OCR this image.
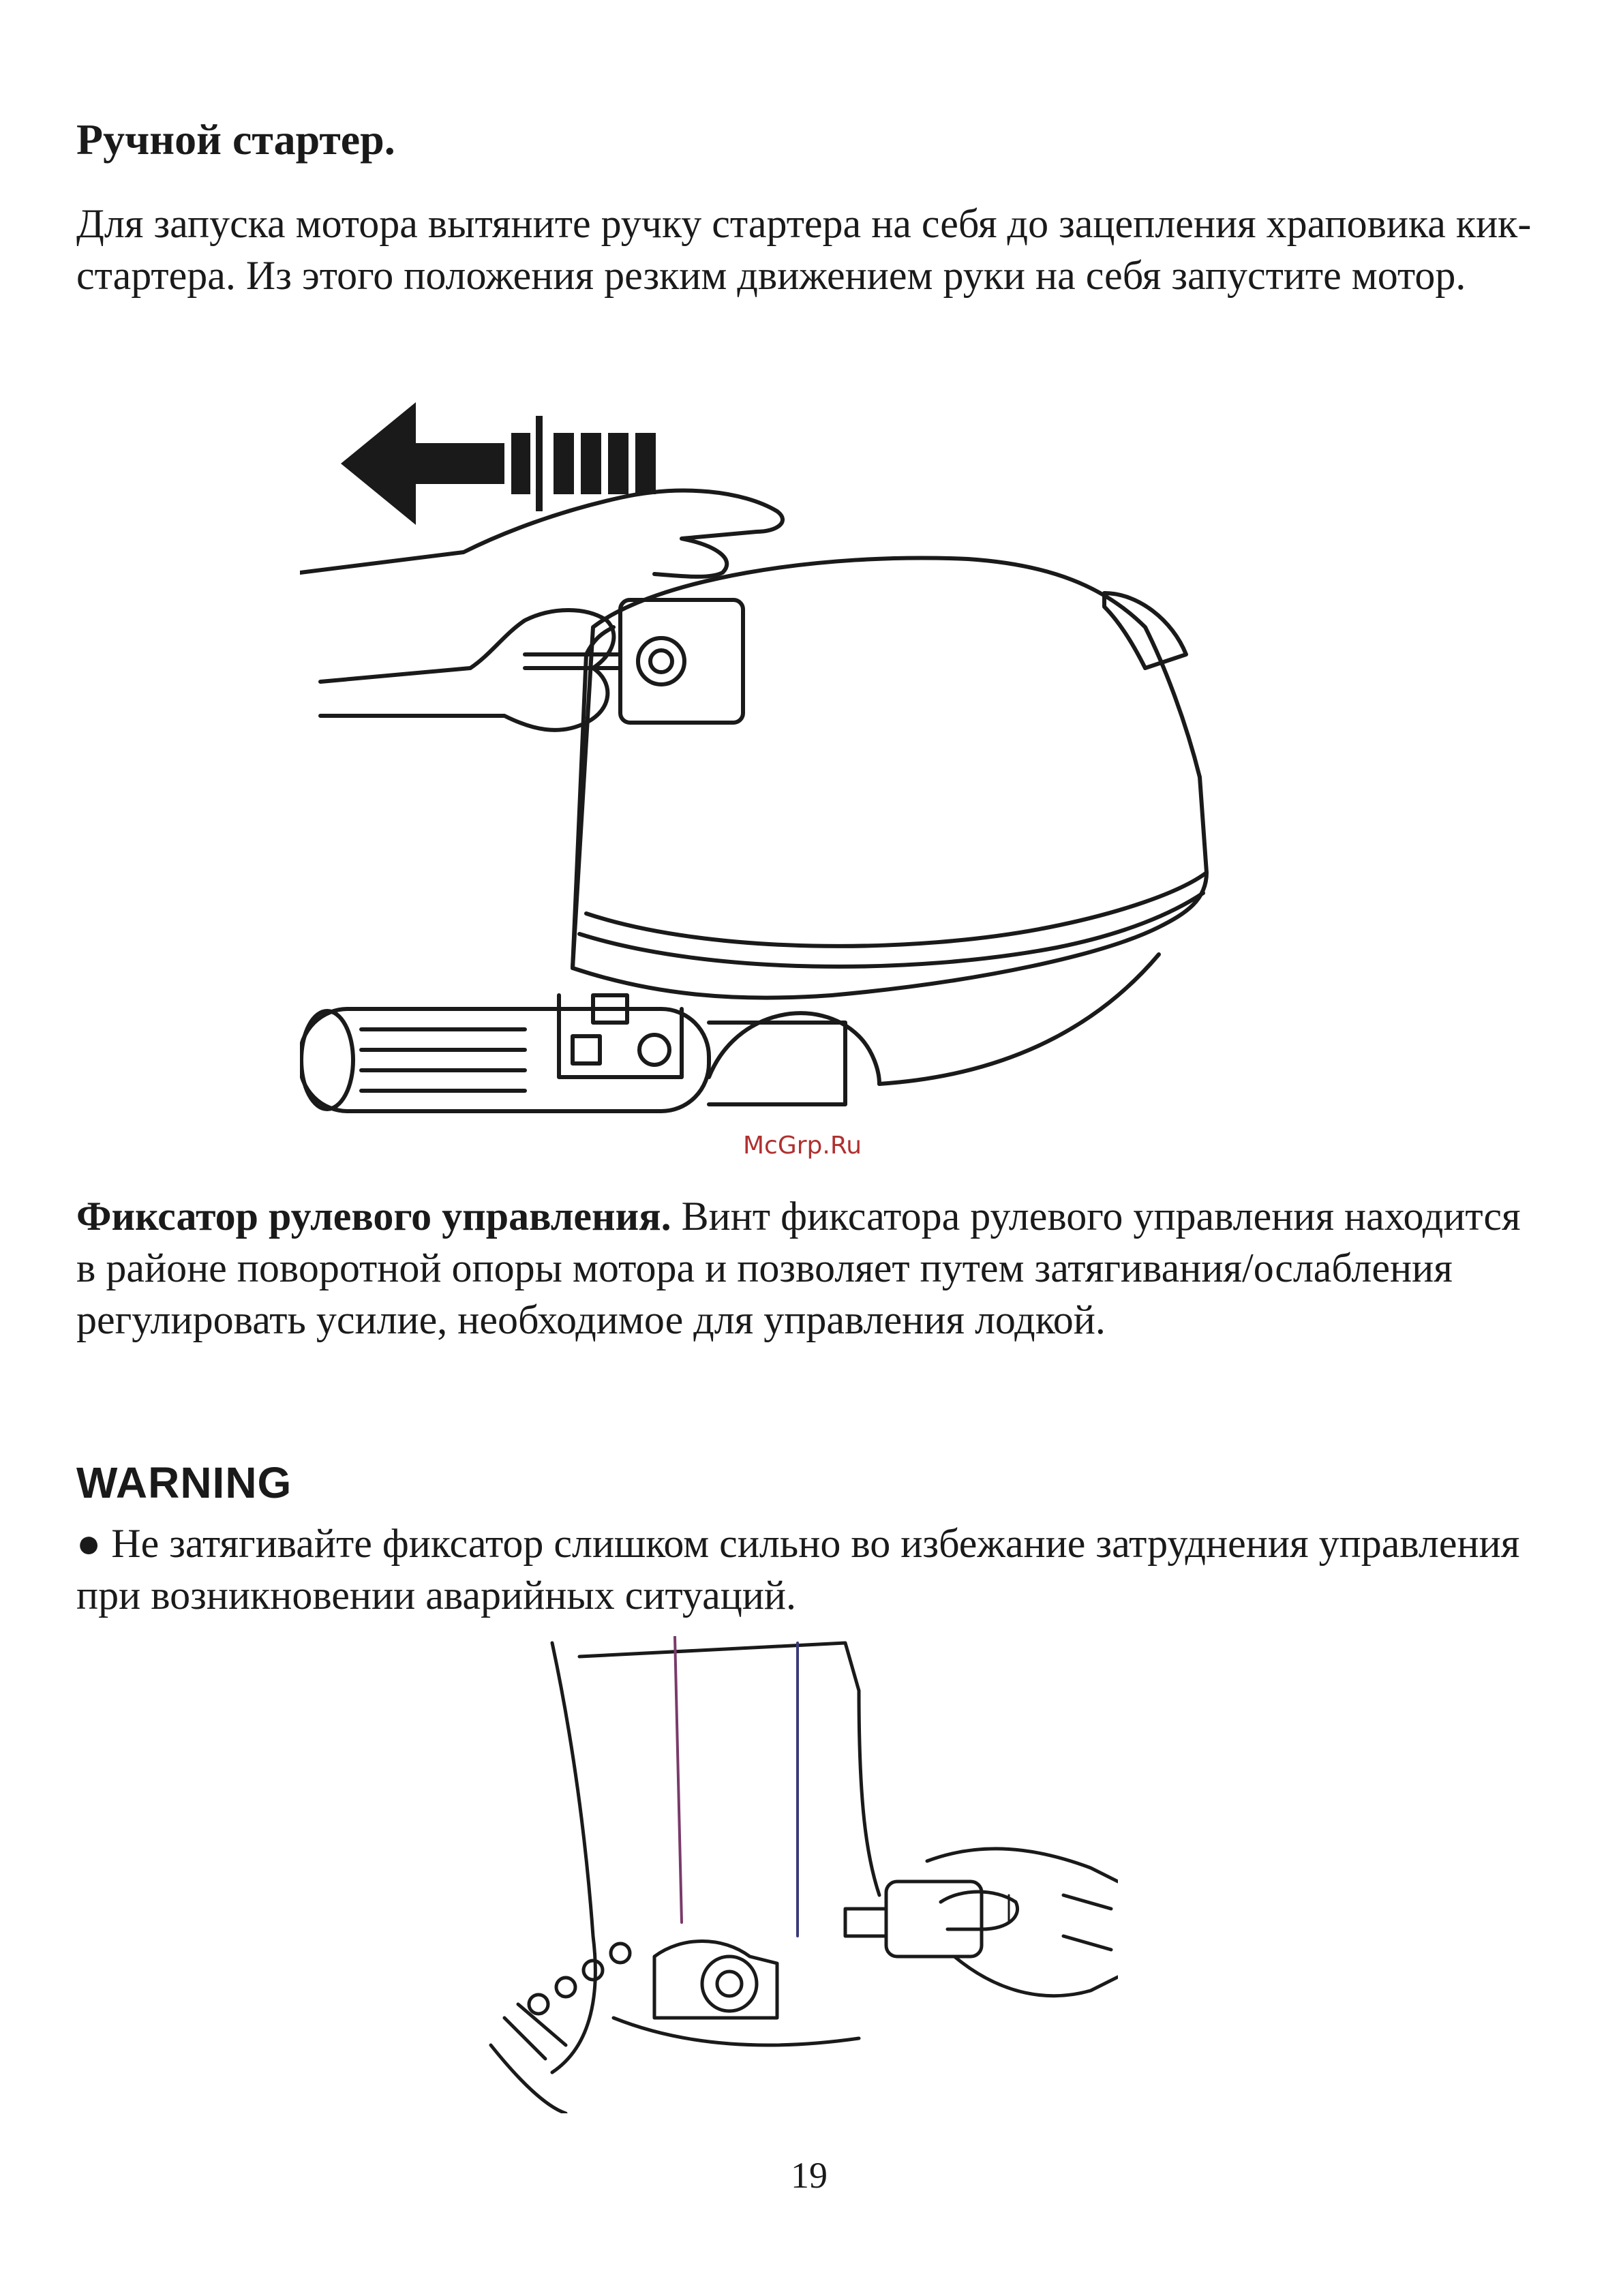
Ручной стартер.
Для запуска мотора вытяните ручку стартера на себя до зацепления храповика кик-стартера. Из этого положения резким движением руки на себя запустите мотор.
McGrp.Ru
Фиксатор рулевого управления. Винт фиксатора рулевого управления находится в районе поворотной опоры мотора и позволяет путем затягивания/ослабления регулировать усилие, необходимое для управления лодкой.
WARNING
● Не затягивайте фиксатор слишком сильно во избежание затруднения управления при возникновении аварийных ситуаций.
19
